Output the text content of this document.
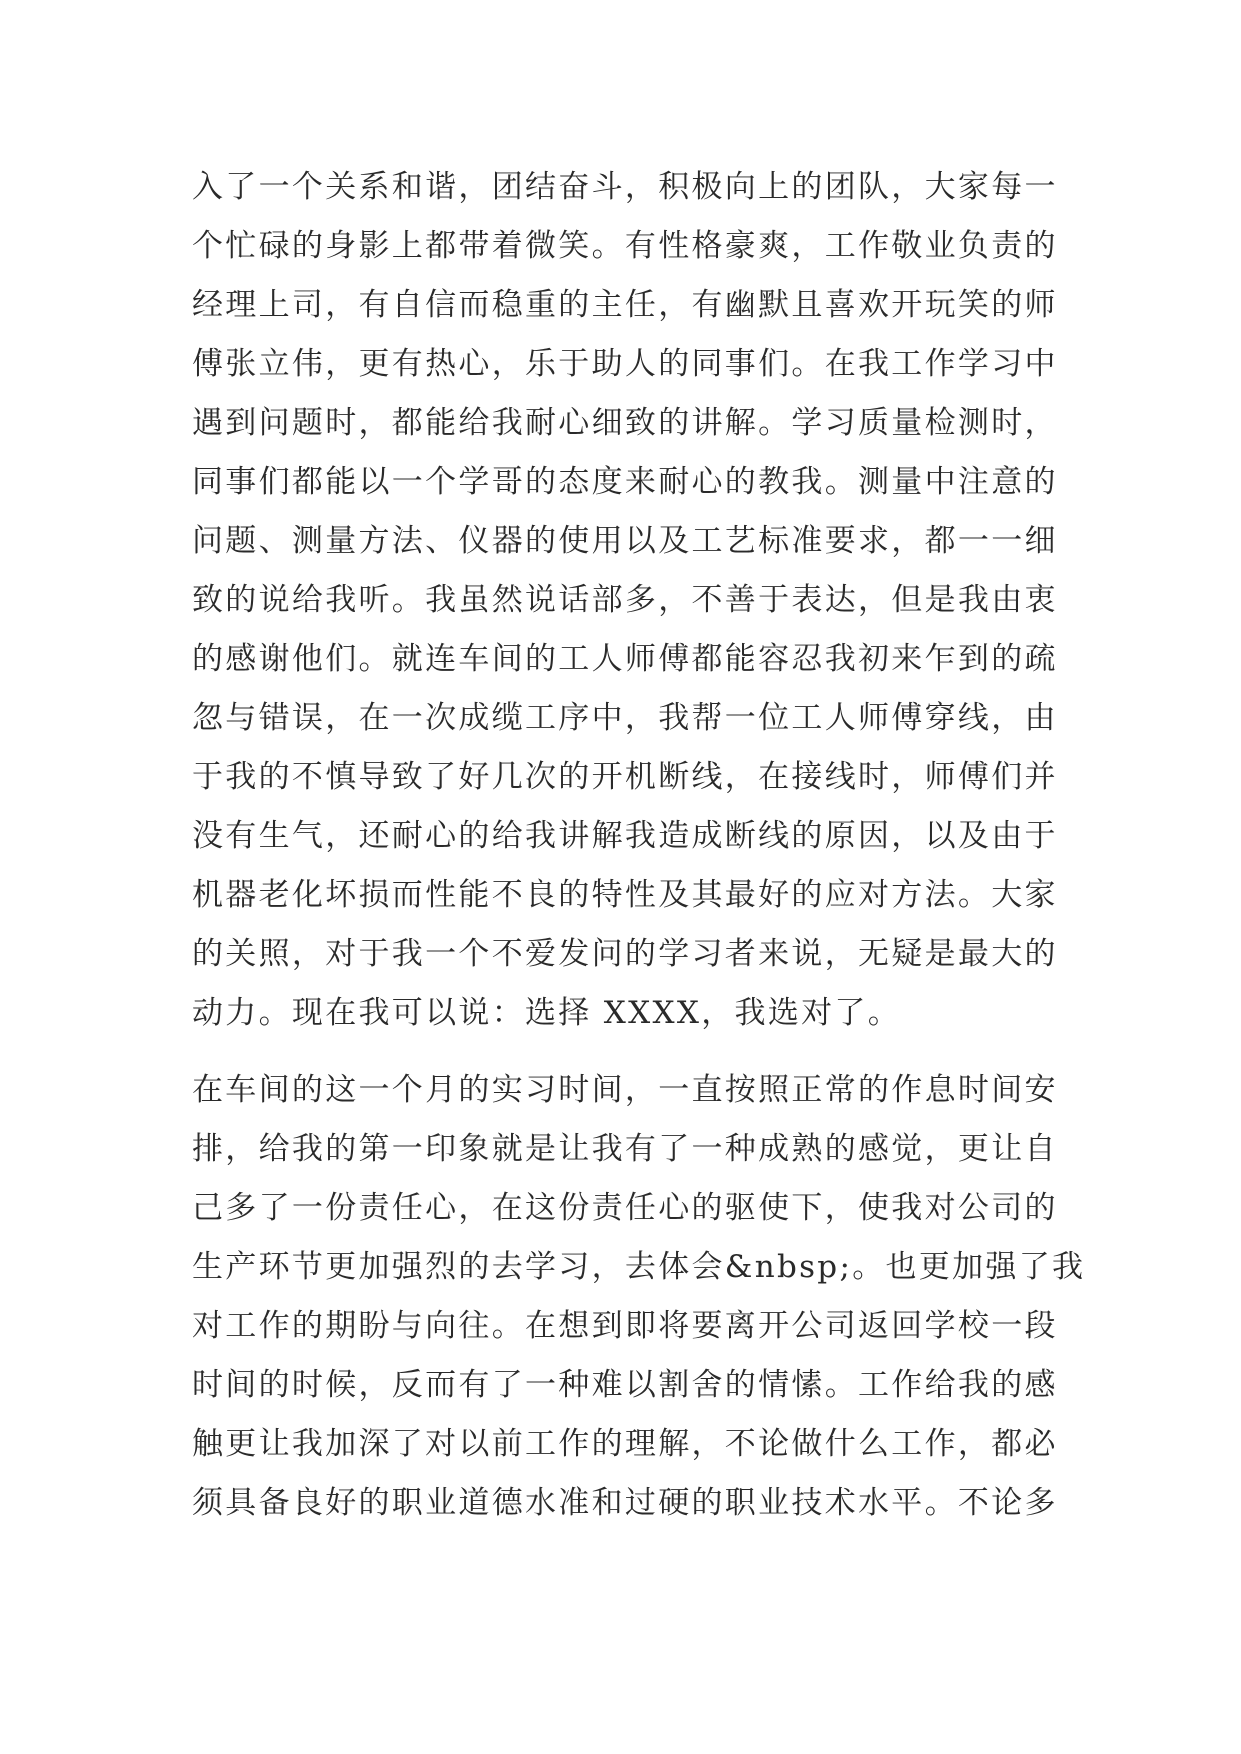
入了一个关系和谐，团结奋斗，积极向上的团队，大家每一
个忙碌的身影上都带着微笑。有性格豪爽，工作敬业负责的
经理上司，有自信而稳重的主任，有幽默且喜欢开玩笑的师
傅张立伟，更有热心，乐于助人的同事们。在我工作学习中
遇到问题时，都能给我耐心细致的讲解。学习质量检测时，
同事们都能以一个学哥的态度来耐心的教我。测量中注意的
问题、测量方法、仪器的使用以及工艺标准要求，都一一细
致的说给我听。我虽然说话部多，不善于表达，但是我由衷
的感谢他们。就连车间的工人师傅都能容忍我初来乍到的疏
忽与错误，在一次成缆工序中，我帮一位工人师傅穿线，由
于我的不慎导致了好几次的开机断线，在接线时，师傅们并
没有生气，还耐心的给我讲解我造成断线的原因，以及由于
机器老化坏损而性能不良的特性及其最好的应对方法。大家
的关照，对于我一个不爱发问的学习者来说，无疑是最大的
动力。现在我可以说：选择 XXXX，我选对了。
在车间的这一个月的实习时间，一直按照正常的作息时间安
排，给我的第一印象就是让我有了一种成熟的感觉，更让自
己多了一份责任心，在这份责任心的驱使下，使我对公司的
生产环节更加强烈的去学习，去体会&nbsp;。也更加强了我
对工作的期盼与向往。在想到即将要离开公司返回学校一段
时间的时候，反而有了一种难以割舍的情愫。工作给我的感
触更让我加深了对以前工作的理解，不论做什么工作，都必
须具备良好的职业道德水准和过硬的职业技术水平。不论多
